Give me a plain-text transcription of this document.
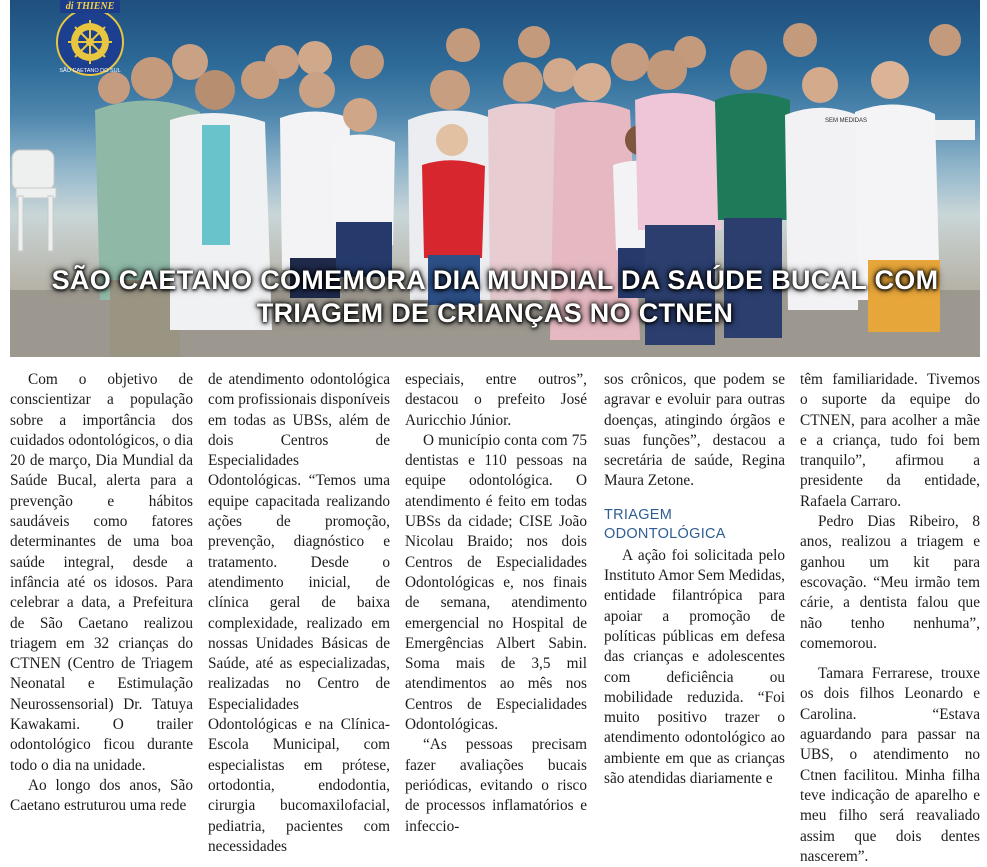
SEM MEDIDAS
SÃO CAETANO DO SUL
di THIENE
SÃO CAETANO COMEMORA DIA MUNDIAL DA SAÚDE BUCAL COM
TRIAGEM DE CRIANÇAS NO CTNEN

Com o objetivo de conscientizar a população sobre a importância dos cuidados odontológicos, o dia 20 de março, Dia Mundial da Saúde Bucal, alerta para a prevenção e hábitos saudáveis como fatores determinantes de uma boa saúde integral, desde a infância até os idosos. Para celebrar a data, a Prefeitura de São Caetano realizou triagem em 32 crianças do CTNEN (Centro de Triagem Neonatal e Estimulação Neurossensorial) Dr. Tatuya Kawakami. O trailer odontológico ficou durante todo o dia na unidade.

Ao longo dos anos, São Caetano estruturou uma rede

de atendimento odontológica com profissionais disponíveis em todas as UBSs, além de dois Centros de Especialidades Odontológicas. “Temos uma equipe capacitada realizando ações de promoção, prevenção, diagnóstico e tratamento. Desde o atendimento inicial, de clínica geral de baixa complexidade, realizado em nossas Unidades Básicas de Saúde, até as especializadas, realizadas no Centro de Especialidades Odontológicas e na Clínica-Escola Municipal, com especialistas em prótese, ortodontia, endodontia, cirurgia bucomaxilofacial, pediatria, pacientes com necessidades

especiais, entre outros”, destacou o prefeito José Auricchio Júnior.

O município conta com 75 dentistas e 110 pessoas na equipe odontológica. O atendimento é feito em todas UBSs da cidade; CISE João Nicolau Braido; nos dois Centros de Especialidades Odontológicas e, nos finais de semana, atendimento emergencial no Hospital de Emergências Albert Sabin. Soma mais de 3,5 mil atendimentos ao mês nos Centros de Especialidades Odontológicas.

“As pessoas precisam fazer avaliações bucais periódicas, evitando o risco de processos inflamatórios e infeccio-

sos crônicos, que podem se agravar e evoluir para outras doenças, atingindo órgãos e suas funções”, destacou a secretária de saúde, Regina Maura Zetone.

TRIAGEM
ODONTOLÓGICA

A ação foi solicitada pelo Instituto Amor Sem Medidas, entidade filantrópica para apoiar a promoção de políticas públicas em defesa das crianças e adolescentes com deficiência ou mobilidade reduzida. “Foi muito positivo trazer o atendimento odontológico ao ambiente em que as crianças são atendidas diariamente e

têm familiaridade. Tivemos o suporte da equipe do CTNEN, para acolher a mãe e a criança, tudo foi bem tranquilo”, afirmou a presidente da entidade, Rafaela Carraro.

Pedro Dias Ribeiro, 8 anos, realizou a triagem e ganhou um kit para escovação. “Meu irmão tem cárie, a dentista falou que não tenho nenhuma”, comemorou.

Tamara Ferrarese, trouxe os dois filhos Leonardo e Carolina. “Estava aguardando para passar na UBS, o atendimento no Ctnen facilitou. Minha filha teve indicação de aparelho e meu filho será reavaliado assim que dois dentes nascerem”.
